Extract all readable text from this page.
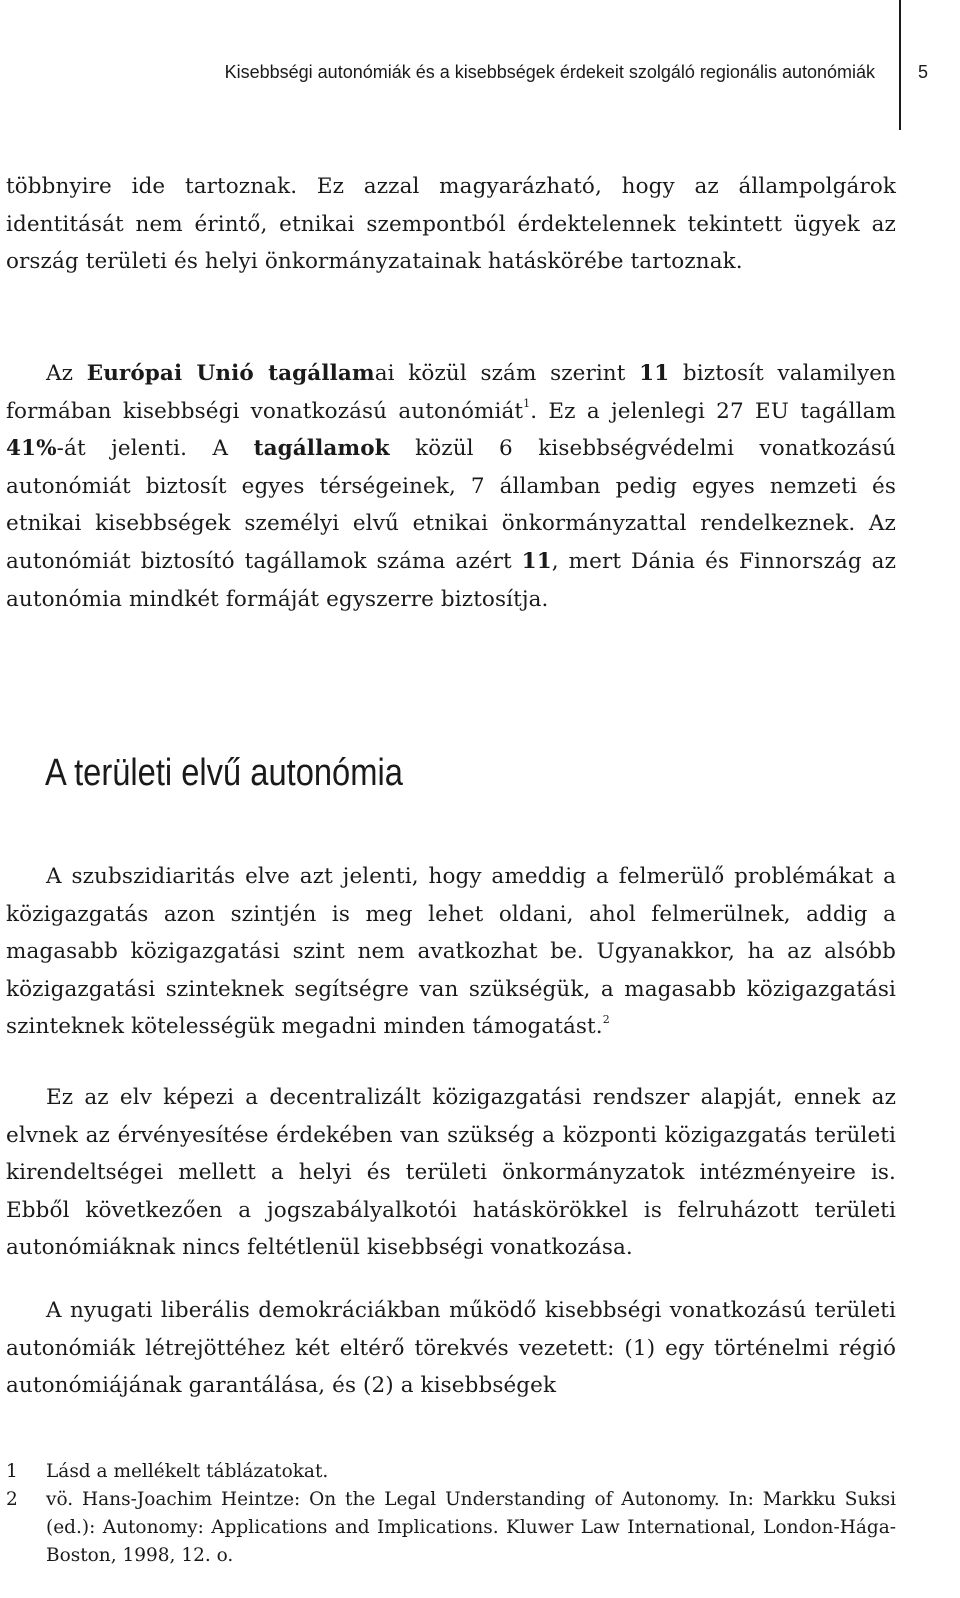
Kisebbségi autonómiák és a kisebbségek érdekeit szolgáló regionális autonómiák 5

többnyire ide tartoznak. Ez azzal magyarázható, hogy az állampolgárok identitását nem érintő, etnikai szempontból érdektelennek tekintett ügyek az ország területi és helyi önkormányzatainak hatáskörébe tartoznak.

Az Európai Unió tagállamai közül szám szerint 11 biztosít valamilyen formában kisebbségi vonatkozású autonómiát$^1$. Ez a jelenlegi 27 EU tagállam 41%-át jelenti. A tagállamok közül 6 kisebbségvédelmi vonatkozású autonómiát biztosít egyes térségeinek, 7 államban pedig egyes nemzeti és etnikai kisebbségek személyi elvű etnikai önkormányzattal rendelkeznek. Az autonómiát biztosító tagállamok száma azért 11, mert Dánia és Finnország az autonómia mindkét formáját egyszerre biztosítja.

A területi elvű autonómia

A szubszidiaritás elve azt jelenti, hogy ameddig a felmerülő problémákat a közigazgatás azon szintjén is meg lehet oldani, ahol felmerülnek, addig a magasabb közigazgatási szint nem avatkozhat be. Ugyanakkor, ha az alsóbb közigazgatási szinteknek segítségre van szükségük, a magasabb közigazgatási szinteknek kötelességük megadni minden támogatást.$^2$

Ez az elv képezi a decentralizált közigazgatási rendszer alapját, ennek az elvnek az érvényesítése érdekében van szükség a központi közigazgatás területi kirendeltségei mellett a helyi és területi önkormányzatok intézményeire is. Ebből következően a jogszabályalkotói hatáskörökkel is felruházott területi autonómiáknak nincs feltétlenül kisebbségi vonatkozása.

A nyugati liberális demokráciákban működő kisebbségi vonatkozású területi autonómiák létrejöttéhez két eltérő törekvés vezetett: (1) egy történelmi régió autonómiájának garantálása, és (2) a kisebbségek

1	Lásd a mellékelt táblázatokat.
2	vö. Hans-Joachim Heintze: On the Legal Understanding of Autonomy. In: Markku Suksi (ed.): Autonomy: Applications and Implications. Kluwer Law International, London-Hága-Boston, 1998, 12. o.
